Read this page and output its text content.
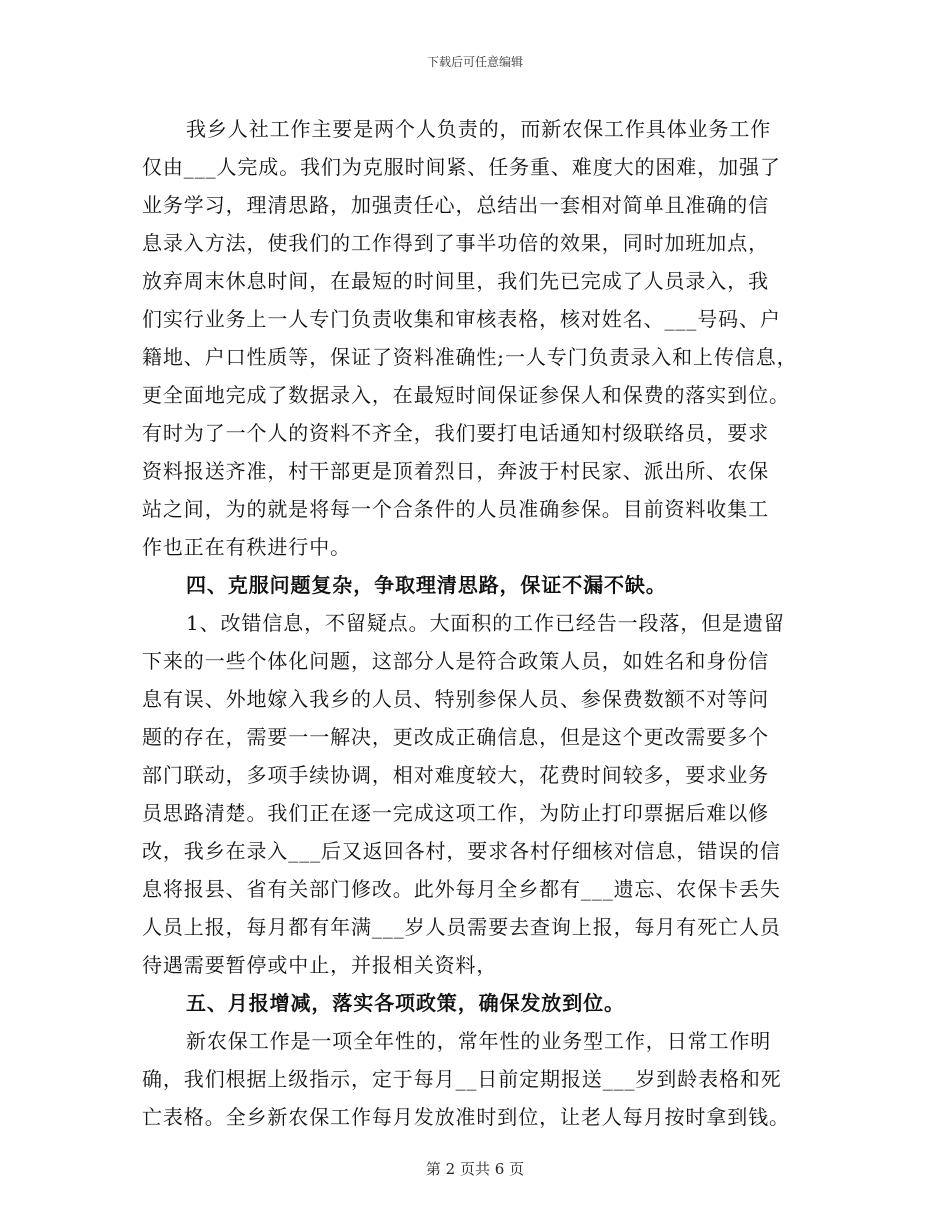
下载后可任意编辑
我乡人社工作主要是两个人负责的，而新农保工作具体业务工作
仅由___人完成。我们为克服时间紧、任务重、难度大的困难，加强了
业务学习，理清思路，加强责任心，总结出一套相对简单且准确的信
息录入方法，使我们的工作得到了事半功倍的效果，同时加班加点，
放弃周末休息时间，在最短的时间里，我们先已完成了人员录入，我
们实行业务上一人专门负责收集和审核表格，核对姓名、___号码、户
籍地、户口性质等，保证了资料准确性;一人专门负责录入和上传信息，
更全面地完成了数据录入，在最短时间保证参保人和保费的落实到位。
有时为了一个人的资料不齐全，我们要打电话通知村级联络员，要求
资料报送齐准，村干部更是顶着烈日，奔波于村民家、派出所、农保
站之间，为的就是将每一个合条件的人员准确参保。目前资料收集工
作也正在有秩进行中。
四、克服问题复杂，争取理清思路，保证不漏不缺。
1、改错信息，不留疑点。大面积的工作已经告一段落，但是遗留
下来的一些个体化问题，这部分人是符合政策人员，如姓名和身份信
息有误、外地嫁入我乡的人员、特别参保人员、参保费数额不对等问
题的存在，需要一一解决，更改成正确信息，但是这个更改需要多个
部门联动，多项手续协调，相对难度较大，花费时间较多，要求业务
员思路清楚。我们正在逐一完成这项工作，为防止打印票据后难以修
改，我乡在录入___后又返回各村，要求各村仔细核对信息，错误的信
息将报县、省有关部门修改。此外每月全乡都有___遗忘、农保卡丢失
人员上报，每月都有年满___岁人员需要去查询上报，每月有死亡人员
待遇需要暂停或中止，并报相关资料，
五、月报增减，落实各项政策，确保发放到位。
新农保工作是一项全年性的，常年性的业务型工作，日常工作明
确，我们根据上级指示，定于每月__日前定期报送___岁到龄表格和死
亡表格。全乡新农保工作每月发放准时到位，让老人每月按时拿到钱。
第 2 页共 6 页
